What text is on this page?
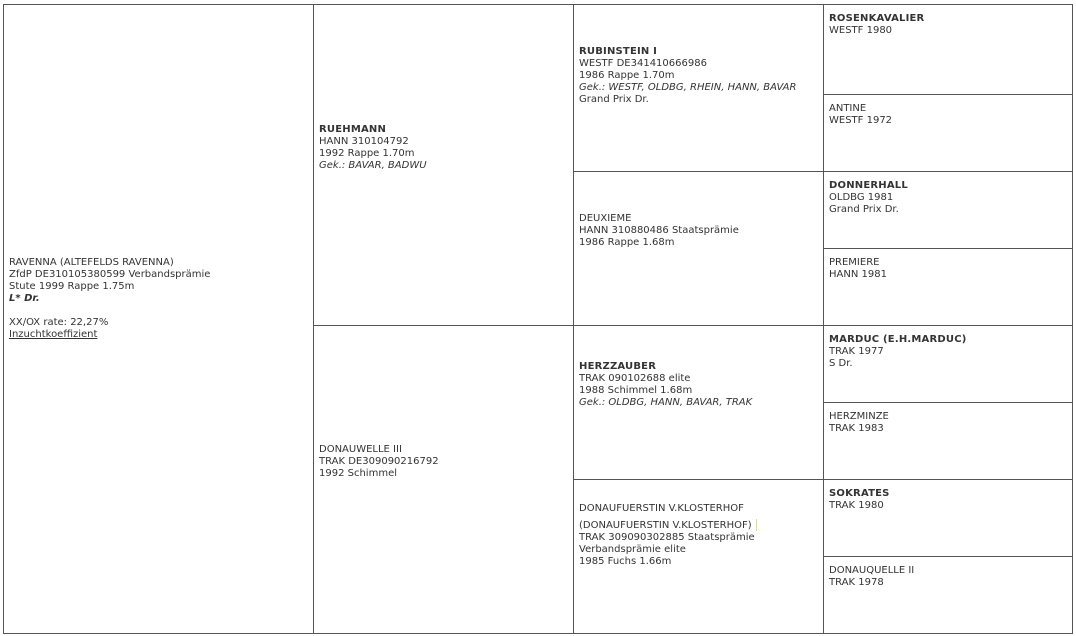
RAVENNA (ALTEFELDS RAVENNA)
ZfdP DE310105380599 Verbandsprämie
Stute 1999 Rappe 1.75m
L* Dr.
XX/OX rate: 22,27%
Inzuchtkoeffizient
RUEHMANN
HANN 310104792
1992 Rappe 1.70m
Gek.: BAVAR, BADWU
DONAUWELLE III
TRAK DE309090216792
1992 Schimmel
RUBINSTEIN I
WESTF DE341410666986
1986 Rappe 1.70m
Gek.: WESTF, OLDBG, RHEIN, HANN, BAVAR
Grand Prix Dr.
DEUXIEME
HANN 310880486 Staatsprämie
1986 Rappe 1.68m
HERZZAUBER
TRAK 090102688 elite
1988 Schimmel 1.68m
Gek.: OLDBG, HANN, BAVAR, TRAK
DONAUFUERSTIN V.KLOSTERHOF
(DONAUFUERSTIN V.KLOSTERHOF)
TRAK 309090302885 Staatsprämie
Verbandsprämie elite
1985 Fuchs 1.66m
ROSENKAVALIER
WESTF 1980
ANTINE
WESTF 1972
DONNERHALL
OLDBG 1981
Grand Prix Dr.
PREMIERE
HANN 1981
MARDUC (E.H.MARDUC)
TRAK 1977
S Dr.
HERZMINZE
TRAK 1983
SOKRATES
TRAK 1980
DONAUQUELLE II
TRAK 1978
